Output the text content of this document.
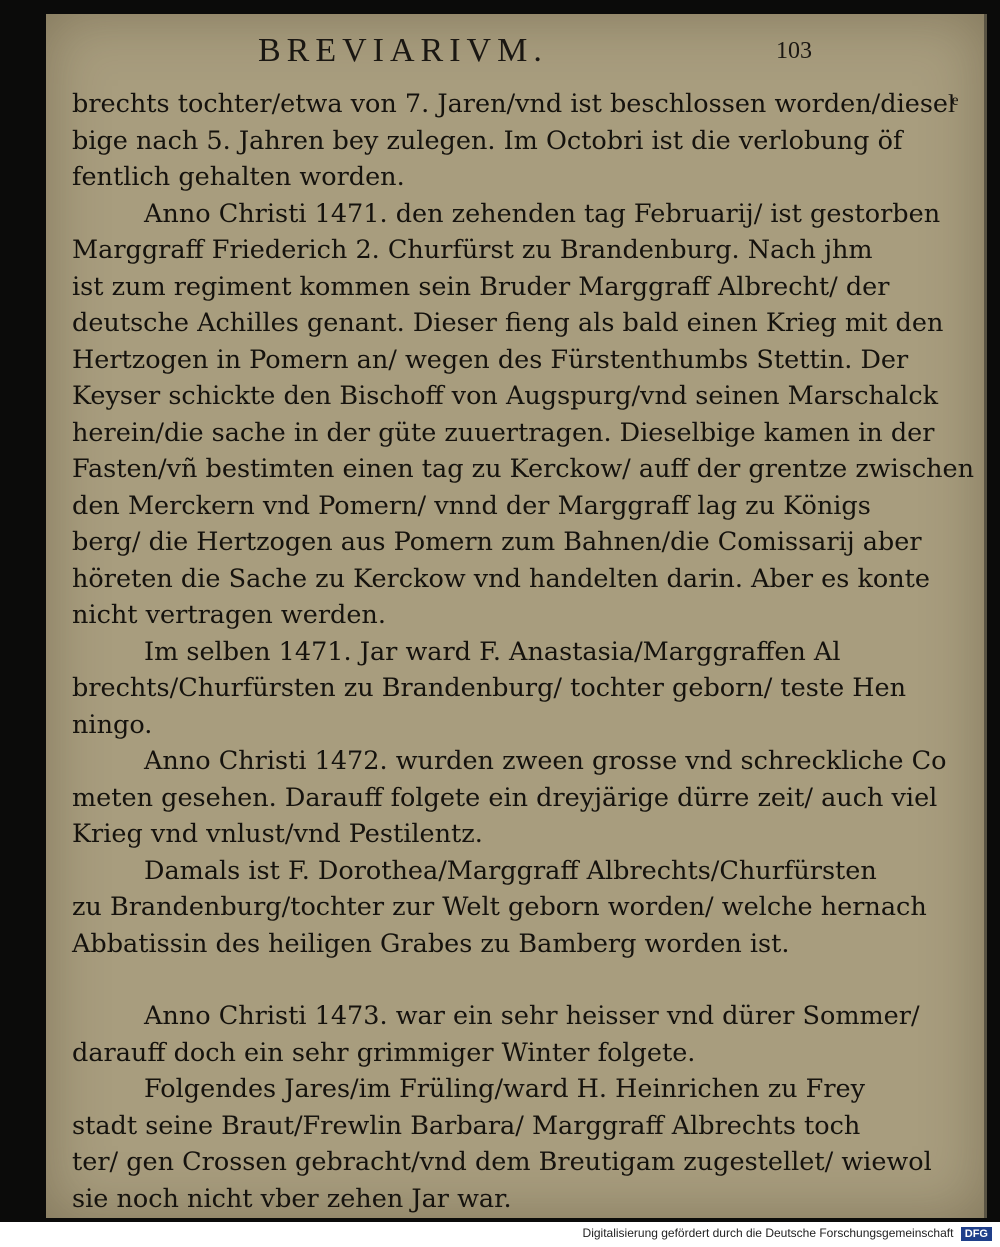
BREVIARIVM.	103
brechts tochter/etwa von 7. Jaren/vnd ist beschlossen worden/dieselͤ
bige nach 5. Jahren bey zulegen. Im Octobri ist die verlobung öf
fentlich gehalten worden.
Anno Christi 1471. den zehenden tag Februarij/ ist gestorben
Marggraff Friederich 2. Churfürst zu Brandenburg. Nach jhm
ist zum regiment kommen sein Bruder Marggraff Albrecht/ der
deutsche Achilles genant. Dieser fieng als bald einen Krieg mit den
Hertzogen in Pomern an/ wegen des Fürstenthumbs Stettin. Der
Keyser schickte den Bischoff von Augspurg/vnd seinen Marschalck
herein/die sache in der güte zuuertragen. Dieselbige kamen in der
Fasten/vñ bestimten einen tag zu Kerckow/ auff der grentze zwischen
den Merckern vnd Pomern/ vnnd der Marggraff lag zu Königs
berg/ die Hertzogen aus Pomern zum Bahnen/die Comissarij aber
höreten die Sache zu Kerckow vnd handelten darin. Aber es konte
nicht vertragen werden.
Im selben 1471. Jar ward F. Anastasia/Marggraffen Al
brechts/Churfürsten zu Brandenburg/ tochter geborn/ teste Hen
ningo.
Anno Christi 1472. wurden zween grosse vnd schreckliche Co
meten gesehen. Darauff folgete ein dreyjärige dürre zeit/ auch viel
Krieg vnd vnlust/vnd Pestilentz.
Damals ist F. Dorothea/Marggraff Albrechts/Churfürsten
zu Brandenburg/tochter zur Welt geborn worden/ welche hernach
Abbatissin des heiligen Grabes zu Bamberg worden ist.
Anno Christi 1473. war ein sehr heisser vnd dürer Sommer/
darauff doch ein sehr grimmiger Winter folgete.
Folgendes Jares/im Früling/ward H. Heinrichen zu Frey
stadt seine Braut/Frewlin Barbara/ Marggraff Albrechts toch
ter/ gen Crossen gebracht/vnd dem Breutigam zugestellet/ wiewol
sie noch nicht vber zehen Jar war.
Digitalisierung gefördert durch die Deutsche Forschungsgemeinschaft DFG
